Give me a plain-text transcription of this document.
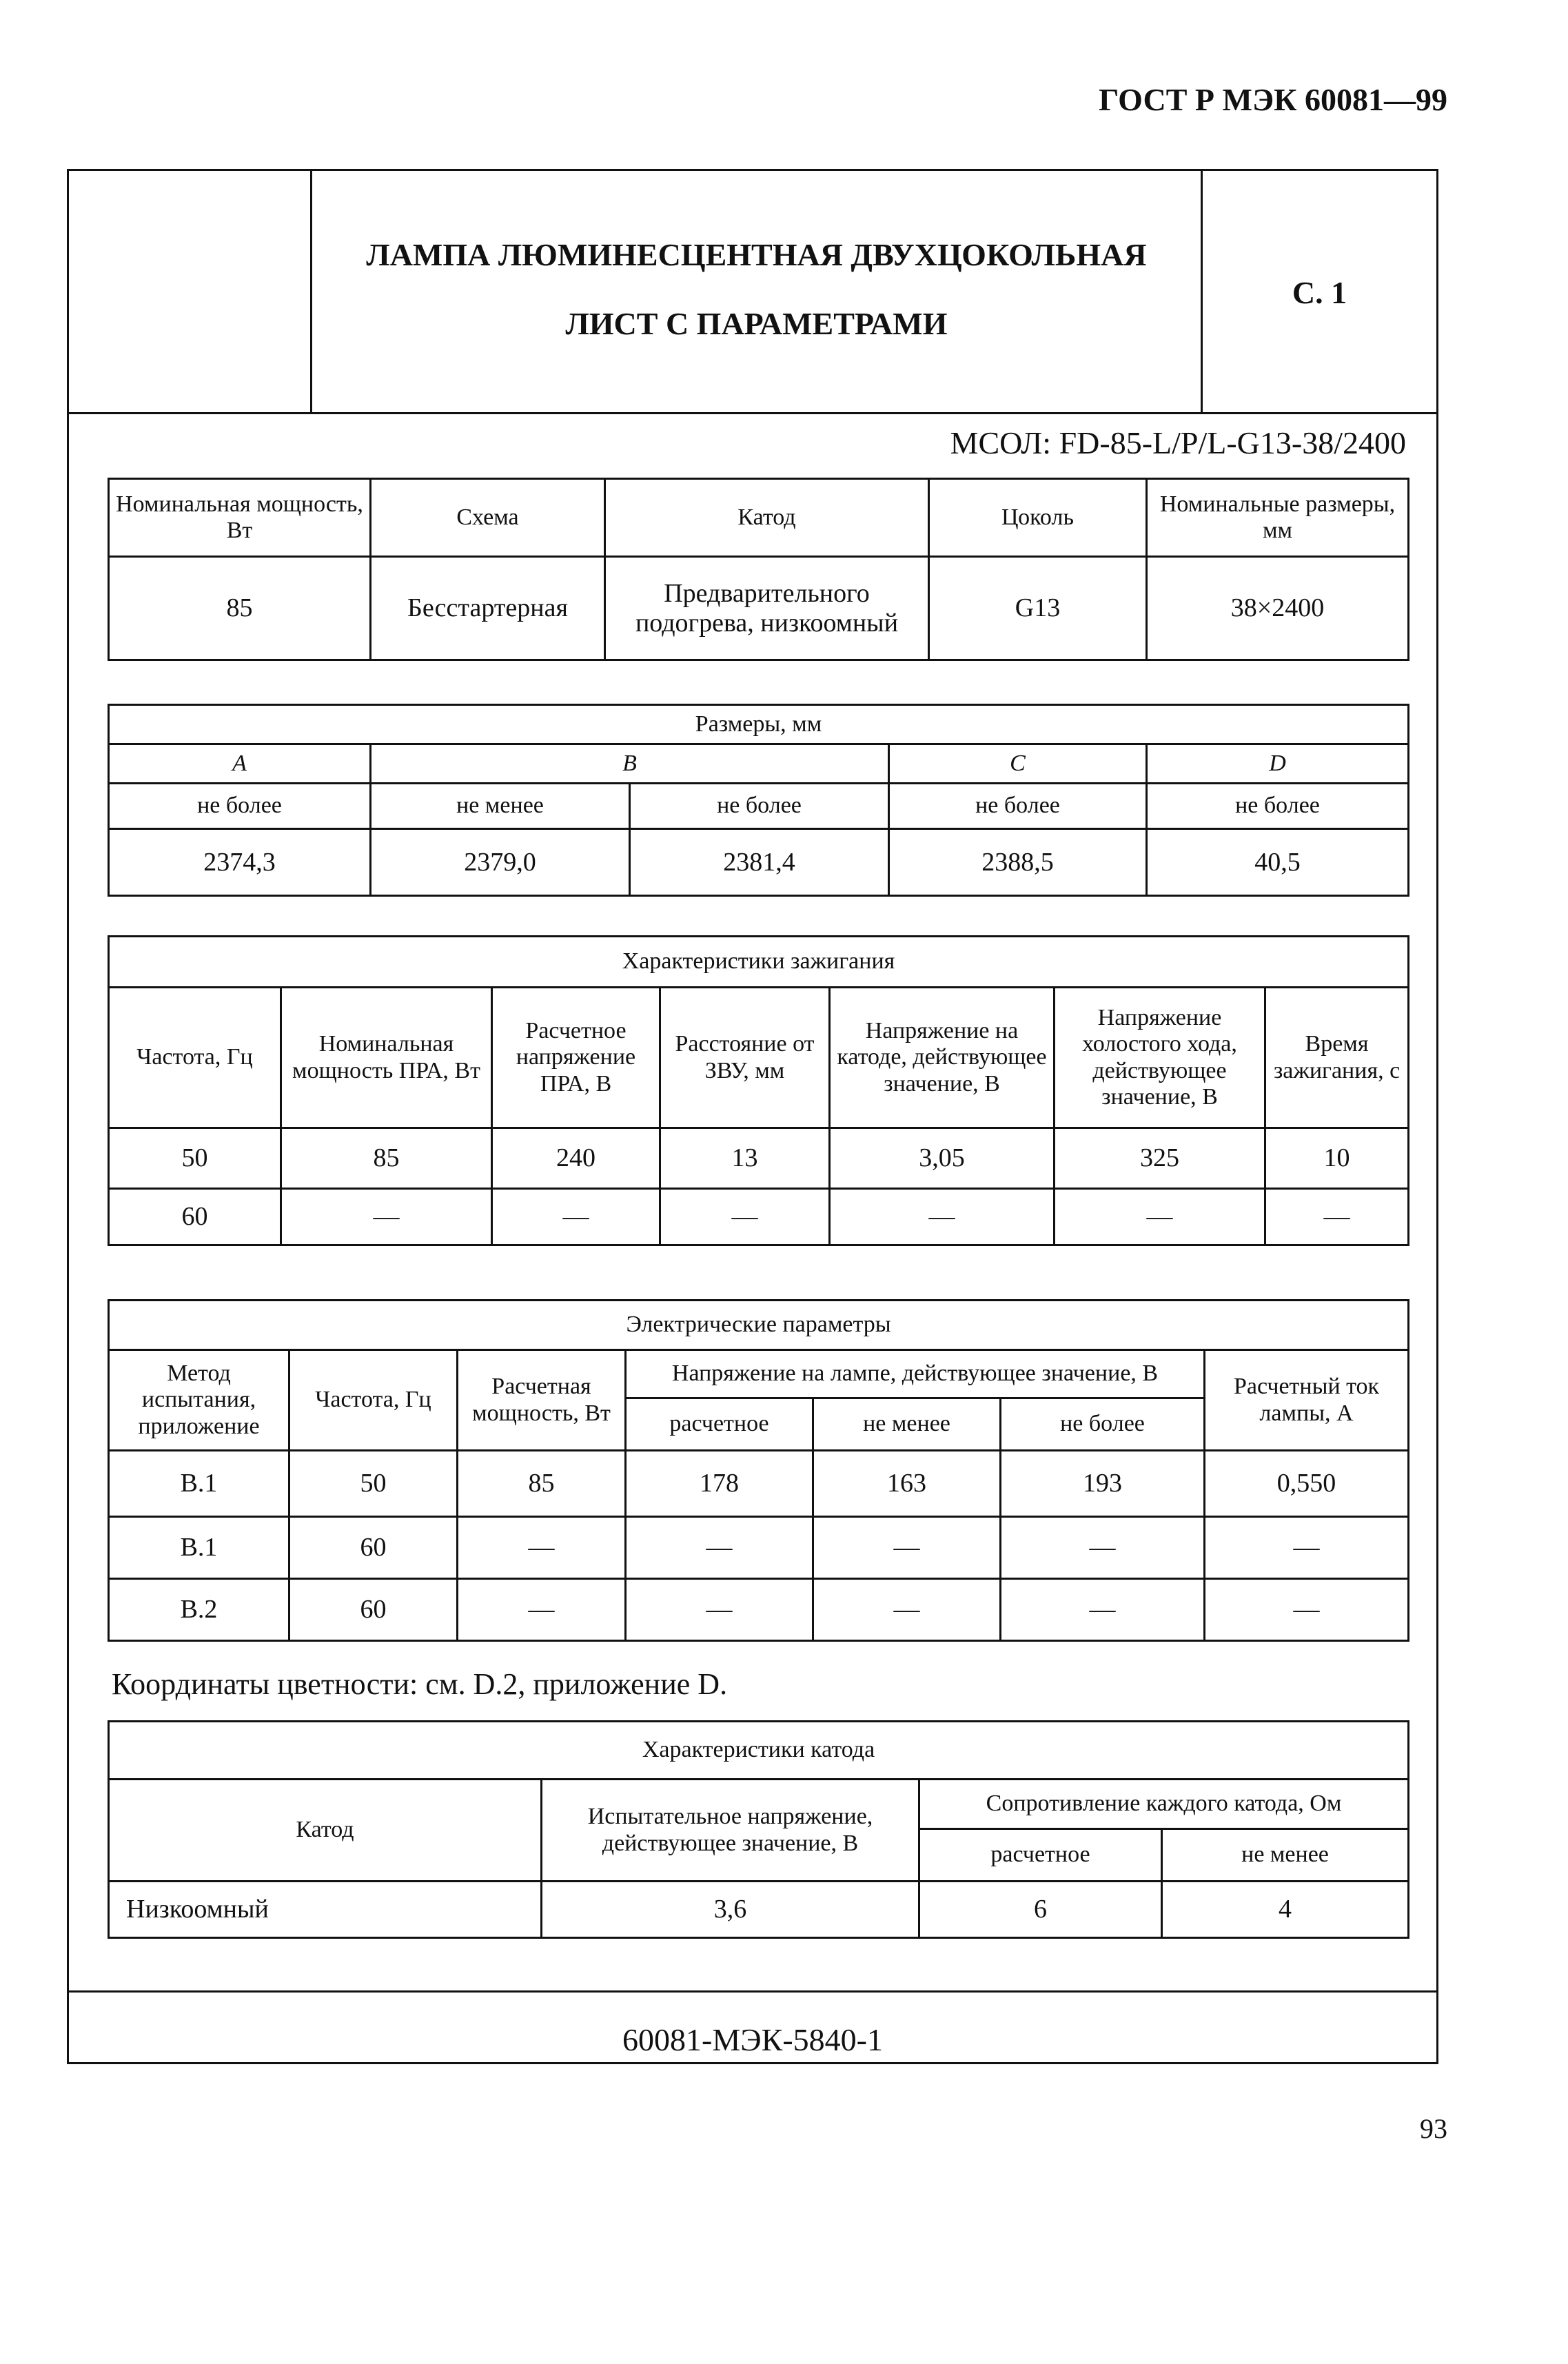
ГОСТ Р МЭК 60081—99
ЛАМПА ЛЮМИНЕСЦЕНТНАЯ ДВУХЦОКОЛЬНАЯ
ЛИСТ С ПАРАМЕТРАМИ
С. 1
МСОЛ: FD-85-L/P/L-G13-38/2400
Номинальная мощность, Вт	Схема	Катод	Цоколь	Номинальные размеры, мм
85	Бесстартерная	Предварительного подогрева, низкоомный	G13	38×2400
Размеры, мм				
A	B		C	D
не более	не менее	не более	не более	не более
2374,3	2379,0	2381,4	2388,5	40,5
Характеристики зажигания						
Частота, Гц	Номинальная мощность ПРА, Вт	Расчетное напряжение ПРА, В	Расстояние от ЗВУ, мм	Напряжение на катоде, действующее значение, В	Напряжение холостого хода, действующее значение, В	Время зажигания, с
50	85	240	13	3,05	325	10
60	—	—	—	—	—	—
Электрические параметры						
Метод испытания, приложение	Частота, Гц	Расчетная мощность, Вт	Напряжение на лампе, действующее значение, В			Расчетный ток лампы, А
			расчетное	не менее	не более	
B.1	50	85	178	163	193	0,550
B.1	60	—	—	—	—	—
B.2	60	—	—	—	—	—
Координаты цветности: см. D.2, приложение D.
Характеристики катода			
Катод	Испытательное напряжение, действующее значение, В	Сопротивление каждого катода, Ом	
		расчетное	не менее
Низкоомный	3,6	6	4
60081-МЭК-5840-1
93
